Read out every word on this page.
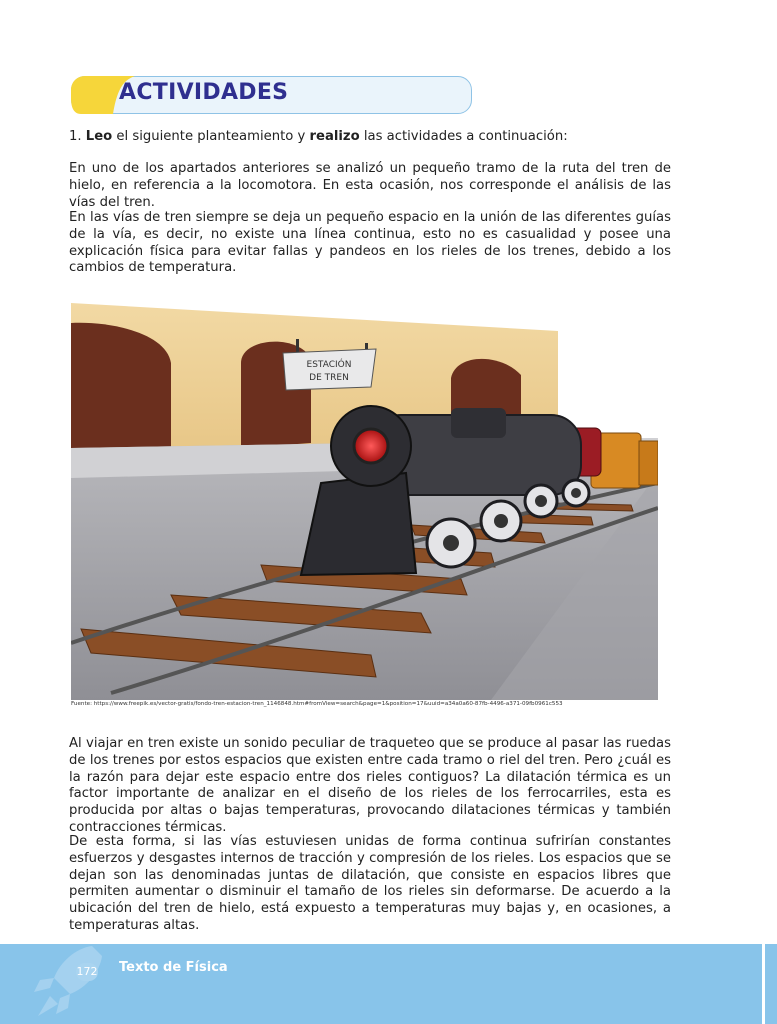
ACTIVIDADES
1. Leo el siguiente planteamiento y realizo las actividades a continuación:
En uno de los apartados anteriores se analizó un pequeño tramo de la ruta del tren de hielo, en referencia a la locomotora. En esta ocasión, nos corresponde el análisis de las vías del tren.
En las vías de tren siempre se deja un pequeño espacio en la unión de las diferentes guías de la vía, es decir, no existe una línea continua, esto no es casualidad y posee una explicación física para evitar fallas y pandeos en los rieles de los trenes, debido a los cambios de temperatura.
ESTACIÓN
DE TREN
Fuente: https://www.freepik.es/vector-gratis/fondo-tren-estacion-tren_1146848.htm#fromView=search&page=1&position=17&uuid=a34a0a60-87fb-4496-a371-09fb0961c553
Al viajar en tren existe un sonido peculiar de traqueteo que se produce al pasar las ruedas de los trenes por estos espacios que existen entre cada tramo o riel del tren. Pero ¿cuál es la razón para dejar este espacio entre dos rieles contiguos? La dilatación térmica es un factor importante de analizar en el diseño de los rieles de los ferrocarriles, esta es producida por altas o bajas temperaturas, provocando dilataciones térmicas y también contracciones térmicas.
De esta forma, si las vías estuviesen unidas de forma continua sufrirían constantes esfuerzos y desgastes internos de tracción y compresión de los rieles. Los espacios que se dejan son las denominadas juntas de dilatación, que consiste en espacios libres que permiten aumentar o disminuir el tamaño de los rieles sin deformarse. De acuerdo a la ubicación del tren de hielo, está expuesto a temperaturas muy bajas y, en ocasiones, a temperaturas altas.
172 Texto de Física
